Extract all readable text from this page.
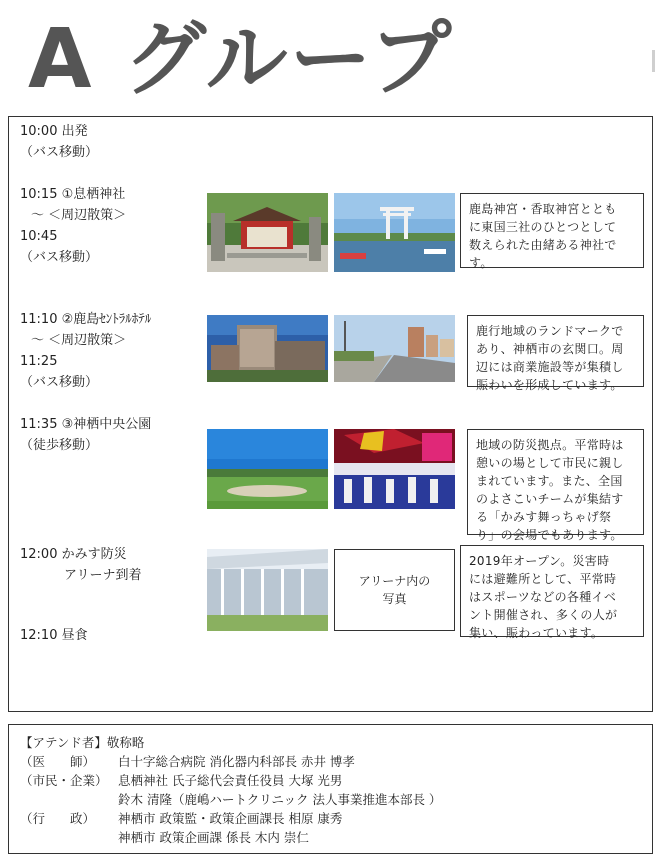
A グループ
10:00 出発
（バス移動）
10:15 ①息栖神社
～ ＜周辺散策＞
10:45
（バス移動）
鹿島神宮・香取神宮ととも
に東国三社のひとつとして
数えられた由緒ある神社で
す。
11:10 ②鹿島ｾﾝﾄﾗﾙﾎﾃﾙ
～ ＜周辺散策＞
11:25
（バス移動）
鹿行地域のランドマークで
あり、神栖市の玄関口。周
辺には商業施設等が集積し
賑わいを形成しています。
11:35 ③神栖中央公園
（徒歩移動）	地域の防災拠点。平常時は
憩いの場として市民に親し
まれています。また、全国
のよさこいチームが集結す
る「かみす舞っちゃげ祭
り」の会場でもあります。
12:00 かみす防災
アリーナ到着	アリーナ内の
写真
2019年オープン。災害時
には避難所として、平常時
はスポーツなどの各種イベ
ント開催され、多くの人が
集い、賑わっています。
12:10 昼食
【アテンド者】敬称略
（医　　師） 白十字総合病院 消化器内科部長 赤井 博孝
（市民・企業） 息栖神社 氏子総代会責任役員 大塚 光男
鈴木 清隆（鹿嶋ハートクリニック 法人事業推進本部長 ）
（行　　政） 神栖市 政策監・政策企画課長 相原 康秀
神栖市 政策企画課 係長 木内 崇仁
